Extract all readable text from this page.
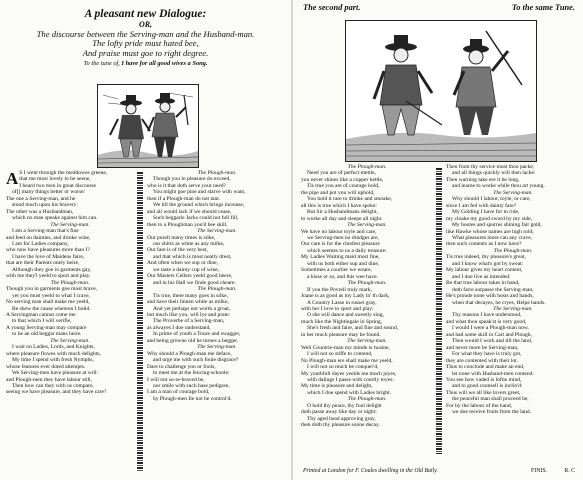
A pleasant new Dialogue:
OR,
The discourse between the Serving-man and the Husband-man.
The lofty pride must hated bee,
And praise must goe to right degree.
To the tune of, I have for all good wives a Song.
A S I went through the meddowes greene,
that me most lovely to be seene,
I heard two men in great discourse
of[] many things better or worse:
The one a Serving-man, and he
stood much upon his bravery:
The other was a Husbandman,
which no man speake against him can.
The Serving-man.
I am a Serving-man that's fine
and feed on dainties, and drinke wine,
I am for Ladies company,
who now have pleasures more than I?
I have the love of Maidens faire,
that are their Parents onely heire,
Although they goe in garments gay,
with me they'l yeeld to sport and play.
The Plough-man.
Though you in garments goe most brave,
yet you must yeeld to what I crave,
No serving man shall make me yeeld,
Be shew the cause whereon I build.
A Servingman cannot come me
to that which I will verifie,
A young Serving-man may compare
to be an old beggar mans heire.
The Serving-man.
I wait on Ladies, Lords, and Knights,
where pleasure flowes with much delights,
My time I spend with fresh Nymphs,
whose features ever doted attempts.
We Serving-men have pleasure at will:
and Plough-men they have labour still,
Then how can they with us compare,
seeing we have pleasure, and they have care?
The Plough-man.
Though you in pleasure do exceed,
who is it that doth serve your need?
You might goe pine and starve with want,
then if a Plough-man do not tant.
We till the ground which brings increase,
and all would lack if we should cease,
Such beggarie Jacks could not full fill,
then to a Ploughman you'd bee skill.
The Serving-man.
Our purell many times is silke,
our shirts as white as any milke,
Our fare is of the very best,
and that which is most neatly drest,
And often when we sup or dine,
we taste a dainty cup of wine,
Our Masters Cellers yeeld good beere,
and in his Hall we finde good cheare.
The Plough-man.
Tis true, there many goes in silke,
and have their linnen white as milke,
And yet perhaps not worth a groat,
but much like you, will lye and prate:
The Proverbe of a Serving-man,
as alwayes I doe understand,
In prime of youth a Toure and swagger,
and being growne old he turnes a begger.
The Serving-man.
Why should a Plough-man me deface,
and urge me with such foule disgrace?
Dare to challenge you or fools,
to meet me at the fencing-schoole:
I will not so-re-braved be,
nor smile with such base pedigree,
I am a man of courage bold,
by Plough-men Ile not be control'd.
The second part.	To the same Tune.
The Plough-man.
Need you are of perfect mettle,
you never shines like a copper kettle,
Tis true you are of courage bold,
the pipe and pot you will uphold,
You hold it rare to drinke and smoake,
all this is true which I have spoke:
But Sir a Husbandmans delight,
to worke all day and sleepe all night.
The Serving-man.
We have no labour toyle and care,
we Serving-men no drudges are,
Our care is for the chiefest pleasure
which seemes to us a daily treasure:
My Ladies Waiting maid most fine,
with us both either sup and dine,
Sometimes a courtier we weare,
a kisse or so, and this wee have.
The Plough-man.
If you the Povrell truly mark,
Joane is as good as my Lady in' th dark,
A Country Lasse in russet gray,
with her I love to sport and play:
O she will dance and sweetly sing,
much like the Nightingale in Spring,
She's fresh and faire, and fine and sound,
in her much pleasure may be found.
The Serving-man.
Well Countrie-man my minde is twaine,
I will not so stiffe to contend,
No Plough-man ere shall make me yeeld,
I will not so much be conquer'd,
My youthfull dayes yeelds me much joyes,
with dalings I passe with courtly toyes:
My time is pleasure and delight,
which I doe spend with Ladies bright.
The Plough-man.
O hold thy peace, thy foul delight
doth passe away like day or night:
Thy aged head approving gray,
then doth thy pleasure soone decay.
Then from thy service must thou packe,
and all things quickly will then lacke:
Then warning take ere it be long,
and learne to worke while thou art young.
The Serving-man.
Why should I labour, toyle, or care,
since I am fed with dainty fare?
My Golding I have for to ride,
my cloake my good sword by my side,
My bootes and spurres shining fair gold,
like Hawke whose names are high rold;
What pleasures more can any crave,
then such contents as I now have?
The Plough-man.
Tis true indeed, thy pleasure's great,
and I know what's got by sweat:
My labour gives my heart content,
and I doe live as intended:
Be that true labour takes in hand,
doth farre surpasse the Serving-man,
He's proude none with hosts and hands,
when that decayes, he cryes, Helpe hands.
The Serving-man.
Thy reasons I have understood,
and what thou speak'st is very good,
I would I were a Plough-man now,
and had some skill in Cart and Plough,
Then would I work and till the land,
and never more be Serving-man,
For what they have is truly got,
they are contented with their lot.
Thus to conclude and make an end,
let none with Husband-men contend:
You see how vaded is loftie mind,
and to good counsell is inclin'd:
Thus will we all like lovers greet,
the peaceful man shall proceed be,
For by the labour of the hand,
we doe receive fruits from the land.
Printed at London for F. Coules dwelling in the Old Baily.	FINIS.	R. C
